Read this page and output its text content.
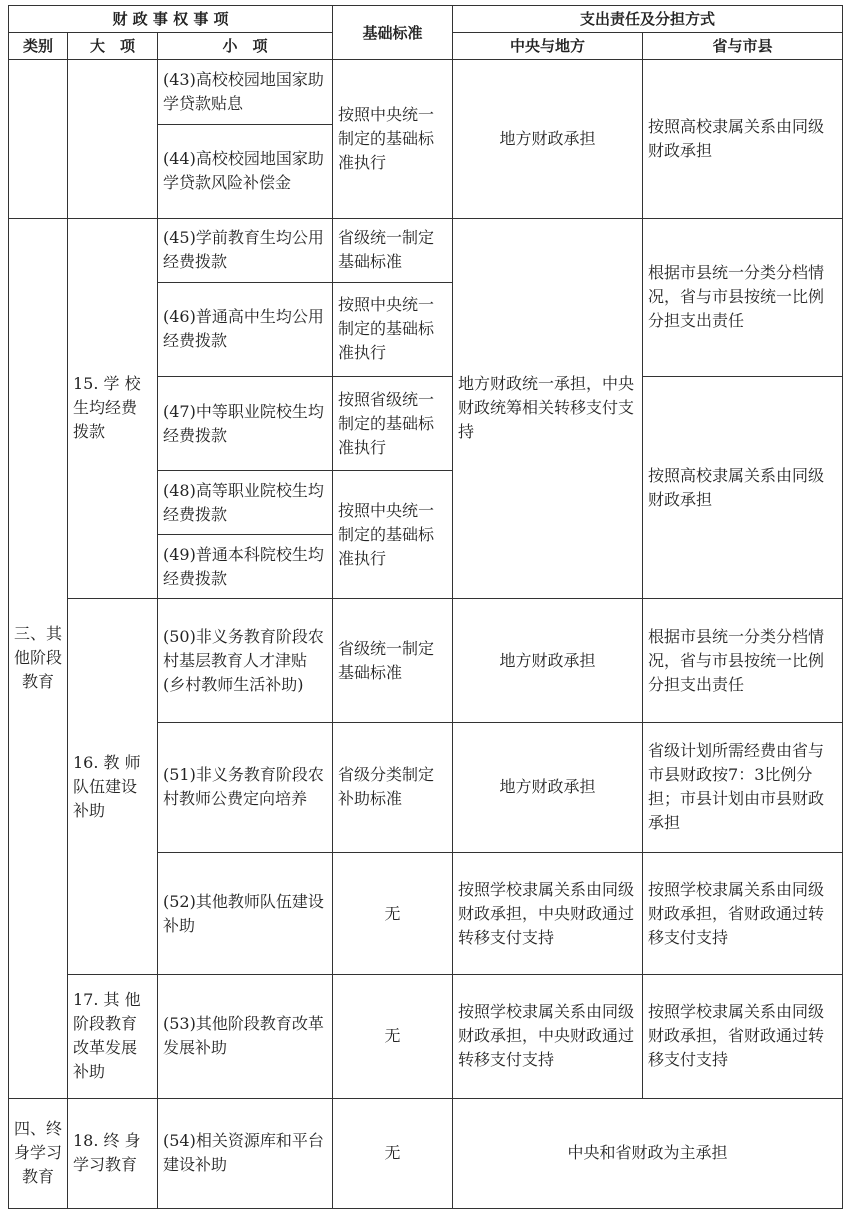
财 政 事 权 事 项			基础标准	支出责任及分担方式	
类别	大　项	小　项		中央与地方	省与市县
		(43)高校校园地国家助学贷款贴息	按照中央统一制定的基础标准执行	地方财政承担	按照高校隶属关系由同级财政承担
		(44)高校校园地国家助学贷款风险补偿金			
三、其他阶段教育	15. 学 校生均经费拨款	(45)学前教育生均公用经费拨款	省级统一制定基础标准	地方财政统一承担，中央财政统筹相关转移支付支持	根据市县统一分类分档情况，省与市县按统一比例分担支出责任
		(46)普通高中生均公用经费拨款	按照中央统一制定的基础标准执行		
		(47)中等职业院校生均经费拨款	按照省级统一制定的基础标准执行		按照高校隶属关系由同级财政承担
		(48)高等职业院校生均经费拨款	按照中央统一制定的基础标准执行		
		(49)普通本科院校生均经费拨款			
	16. 教 师队伍建设补助	(50)非义务教育阶段农村基层教育人才津贴(乡村教师生活补助)	省级统一制定基础标准	地方财政承担	根据市县统一分类分档情况，省与市县按统一比例分担支出责任
		(51)非义务教育阶段农村教师公费定向培养	省级分类制定补助标准	地方财政承担	省级计划所需经费由省与市县财政按7：3比例分担；市县计划由市县财政承担
		(52)其他教师队伍建设补助	无	按照学校隶属关系由同级财政承担，中央财政通过转移支付支持	按照学校隶属关系由同级财政承担，省财政通过转移支付支持
	17. 其 他阶段教育改革发展补助	(53)其他阶段教育改革发展补助	无	按照学校隶属关系由同级财政承担，中央财政通过转移支付支持	按照学校隶属关系由同级财政承担，省财政通过转移支付支持
四、终身学习教育	18. 终 身学习教育	(54)相关资源库和平台建设补助	无	中央和省财政为主承担	
